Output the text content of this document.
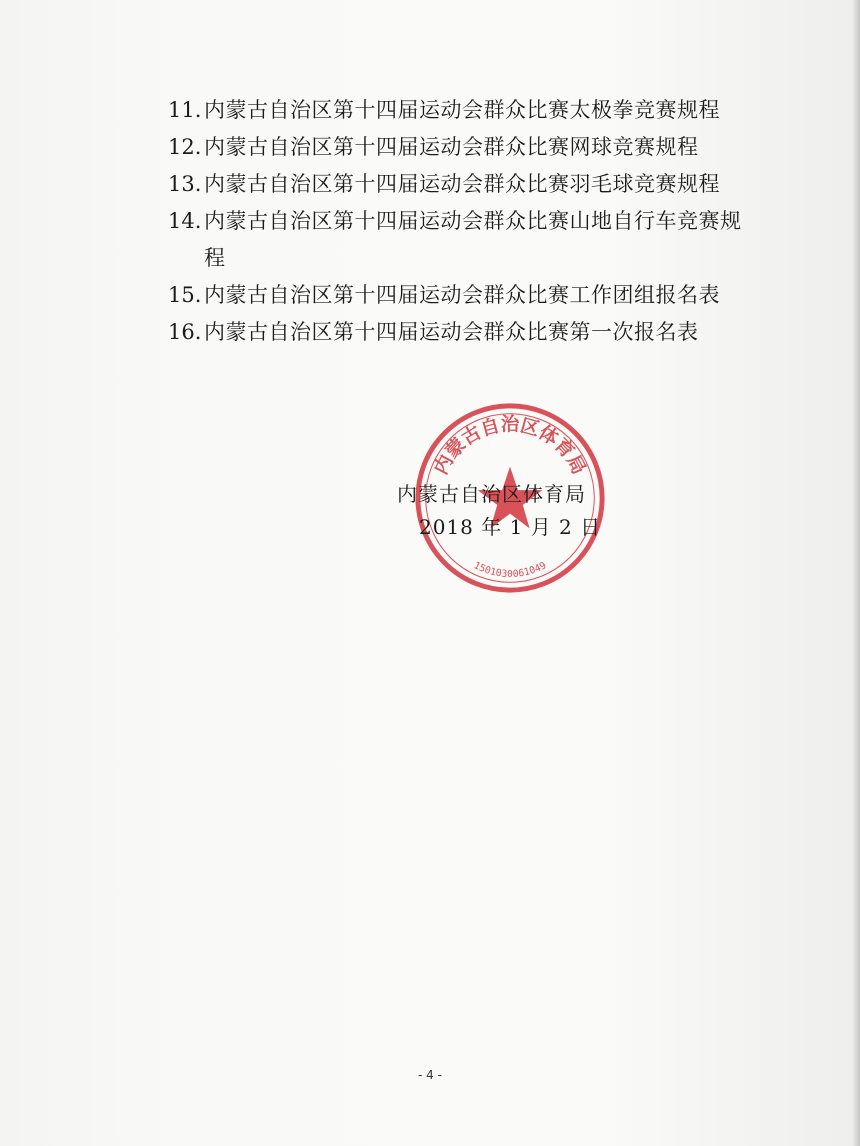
11. 内蒙古自治区第十四届运动会群众比赛太极拳竞赛规程
12. 内蒙古自治区第十四届运动会群众比赛网球竞赛规程
13. 内蒙古自治区第十四届运动会群众比赛羽毛球竞赛规程
14. 内蒙古自治区第十四届运动会群众比赛山地自行车竞赛规程
15. 内蒙古自治区第十四届运动会群众比赛工作团组报名表
16. 内蒙古自治区第十四届运动会群众比赛第一次报名表
内蒙古自治区体育局
1501030061049
内蒙古自治区体育局
2018 年 1 月 2 日
- 4 -
